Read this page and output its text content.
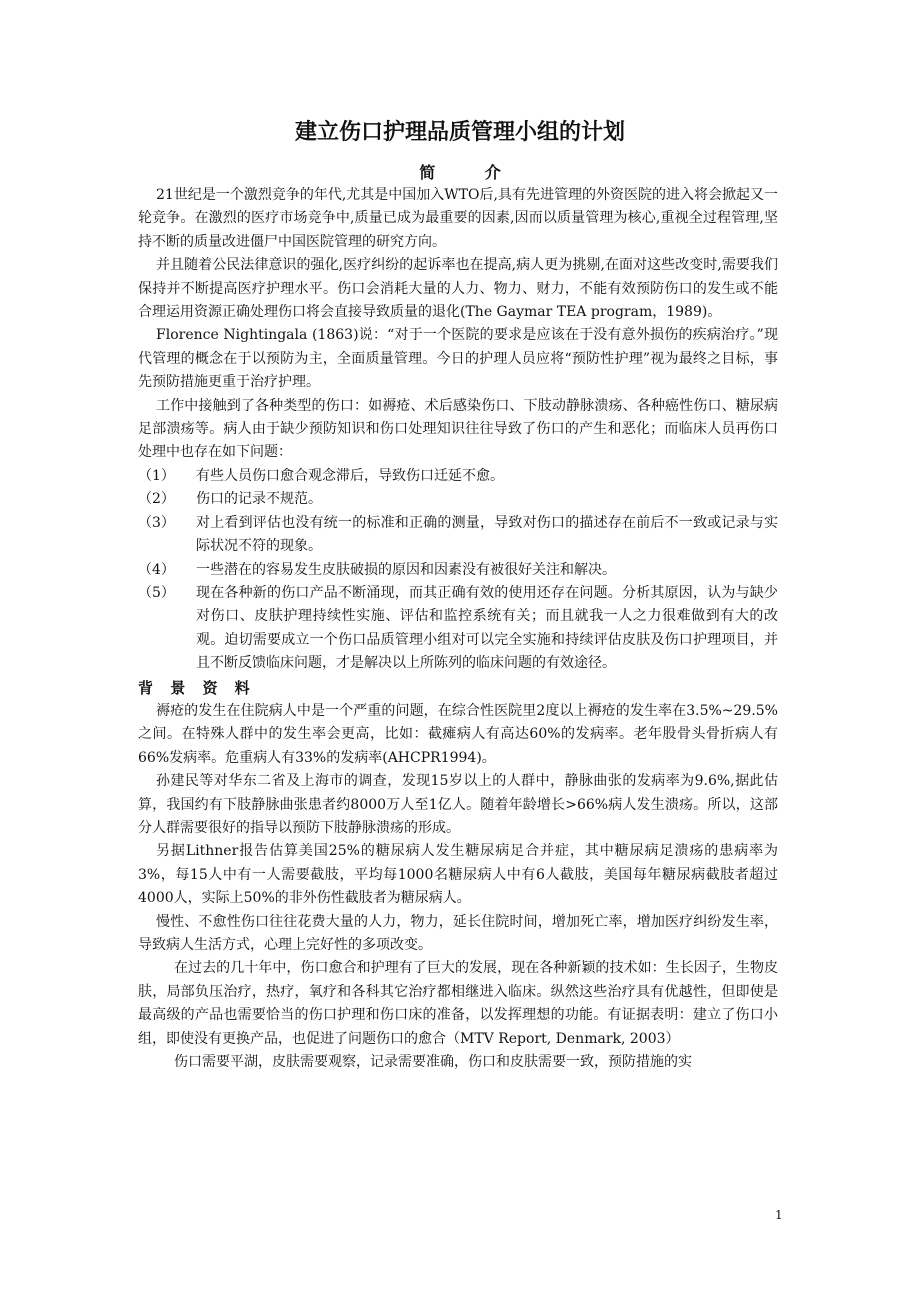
建立伤口护理品质管理小组的计划
简 介

21世纪是一个激烈竞争的年代,尤其是中国加入WTO后,具有先进管理的外资医院的进入将会掀起又一轮竞争。在激烈的医疗市场竞争中,质量已成为最重要的因素,因而以质量管理为核心,重视全过程管理,坚持不断的质量改进僵尸中国医院管理的研究方向。

并且随着公民法律意识的强化,医疗纠纷的起诉率也在提高,病人更为挑剔,在面对这些改变时,需要我们保持并不断提高医疗护理水平。伤口会消耗大量的人力、物力、财力，不能有效预防伤口的发生或不能合理运用资源正确处理伤口将会直接导致质量的退化(The Gaymar TEA program，1989)。

Florence Nightingala (1863)说：“对于一个医院的要求是应该在于没有意外损伤的疾病治疗。”现代管理的概念在于以预防为主，全面质量管理。今日的护理人员应将“预防性护理”视为最终之目标，事先预防措施更重于治疗护理。

工作中接触到了各种类型的伤口：如褥疮、术后感染伤口、下肢动静脉溃疡、各种癌性伤口、糖尿病足部溃疡等。病人由于缺少预防知识和伤口处理知识往往导致了伤口的产生和恶化；而临床人员再伤口处理中也存在如下问题：

（1）	有些人员伤口愈合观念滞后，导致伤口迁延不愈。
（2）	伤口的记录不规范。
（3）	对上看到评估也没有统一的标准和正确的测量，导致对伤口的描述存在前后不一致或记录与实际状况不符的现象。
（4）	一些潜在的容易发生皮肤破损的原因和因素没有被很好关注和解决。
（5）	现在各种新的伤口产品不断涌现，而其正确有效的使用还存在问题。分析其原因，认为与缺少对伤口、皮肤护理持续性实施、评估和监控系统有关；而且就我一人之力很难做到有大的改观。迫切需要成立一个伤口品质管理小组对可以完全实施和持续评估皮肤及伤口护理项目，并且不断反馈临床问题，才是解决以上所陈列的临床问题的有效途径。
背 景 资 料

褥疮的发生在住院病人中是一个严重的问题，在综合性医院里2度以上褥疮的发生率在3.5%~29.5%之间。在特殊人群中的发生率会更高，比如：截瘫病人有高达60%的发病率。老年股骨头骨折病人有66%发病率。危重病人有33%的发病率(AHCPR1994)。

孙建民等对华东二省及上海市的调查，发现15岁以上的人群中，静脉曲张的发病率为9.6%,据此估算，我国约有下肢静脉曲张患者约8000万人至1亿人。随着年龄增长>66%病人发生溃疡。所以，这部分人群需要很好的指导以预防下肢静脉溃疡的形成。

另据Lithner报告估算美国25%的糖尿病人发生糖尿病足合并症，其中糖尿病足溃疡的患病率为3%，每15人中有一人需要截肢，平均每1000名糖尿病人中有6人截肢，美国每年糖尿病截肢者超过4000人，实际上50%的非外伤性截肢者为糖尿病人。

慢性、不愈性伤口往往花费大量的人力，物力，延长住院时间，增加死亡率，增加医疗纠纷发生率，导致病人生活方式，心理上完好性的多项改变。

在过去的几十年中，伤口愈合和护理有了巨大的发展，现在各种新颖的技术如：生长因子，生物皮肤，局部负压治疗，热疗，氧疗和各科其它治疗都相继进入临床。纵然这些治疗具有优越性，但即使是最高级的产品也需要恰当的伤口护理和伤口床的准备，以发挥理想的功能。有证据表明：建立了伤口小组，即使没有更换产品，也促进了问题伤口的愈合（MTV Report, Denmark, 2003）

伤口需要平湖，皮肤需要观察，记录需要准确，伤口和皮肤需要一致，预防措施的实

1
